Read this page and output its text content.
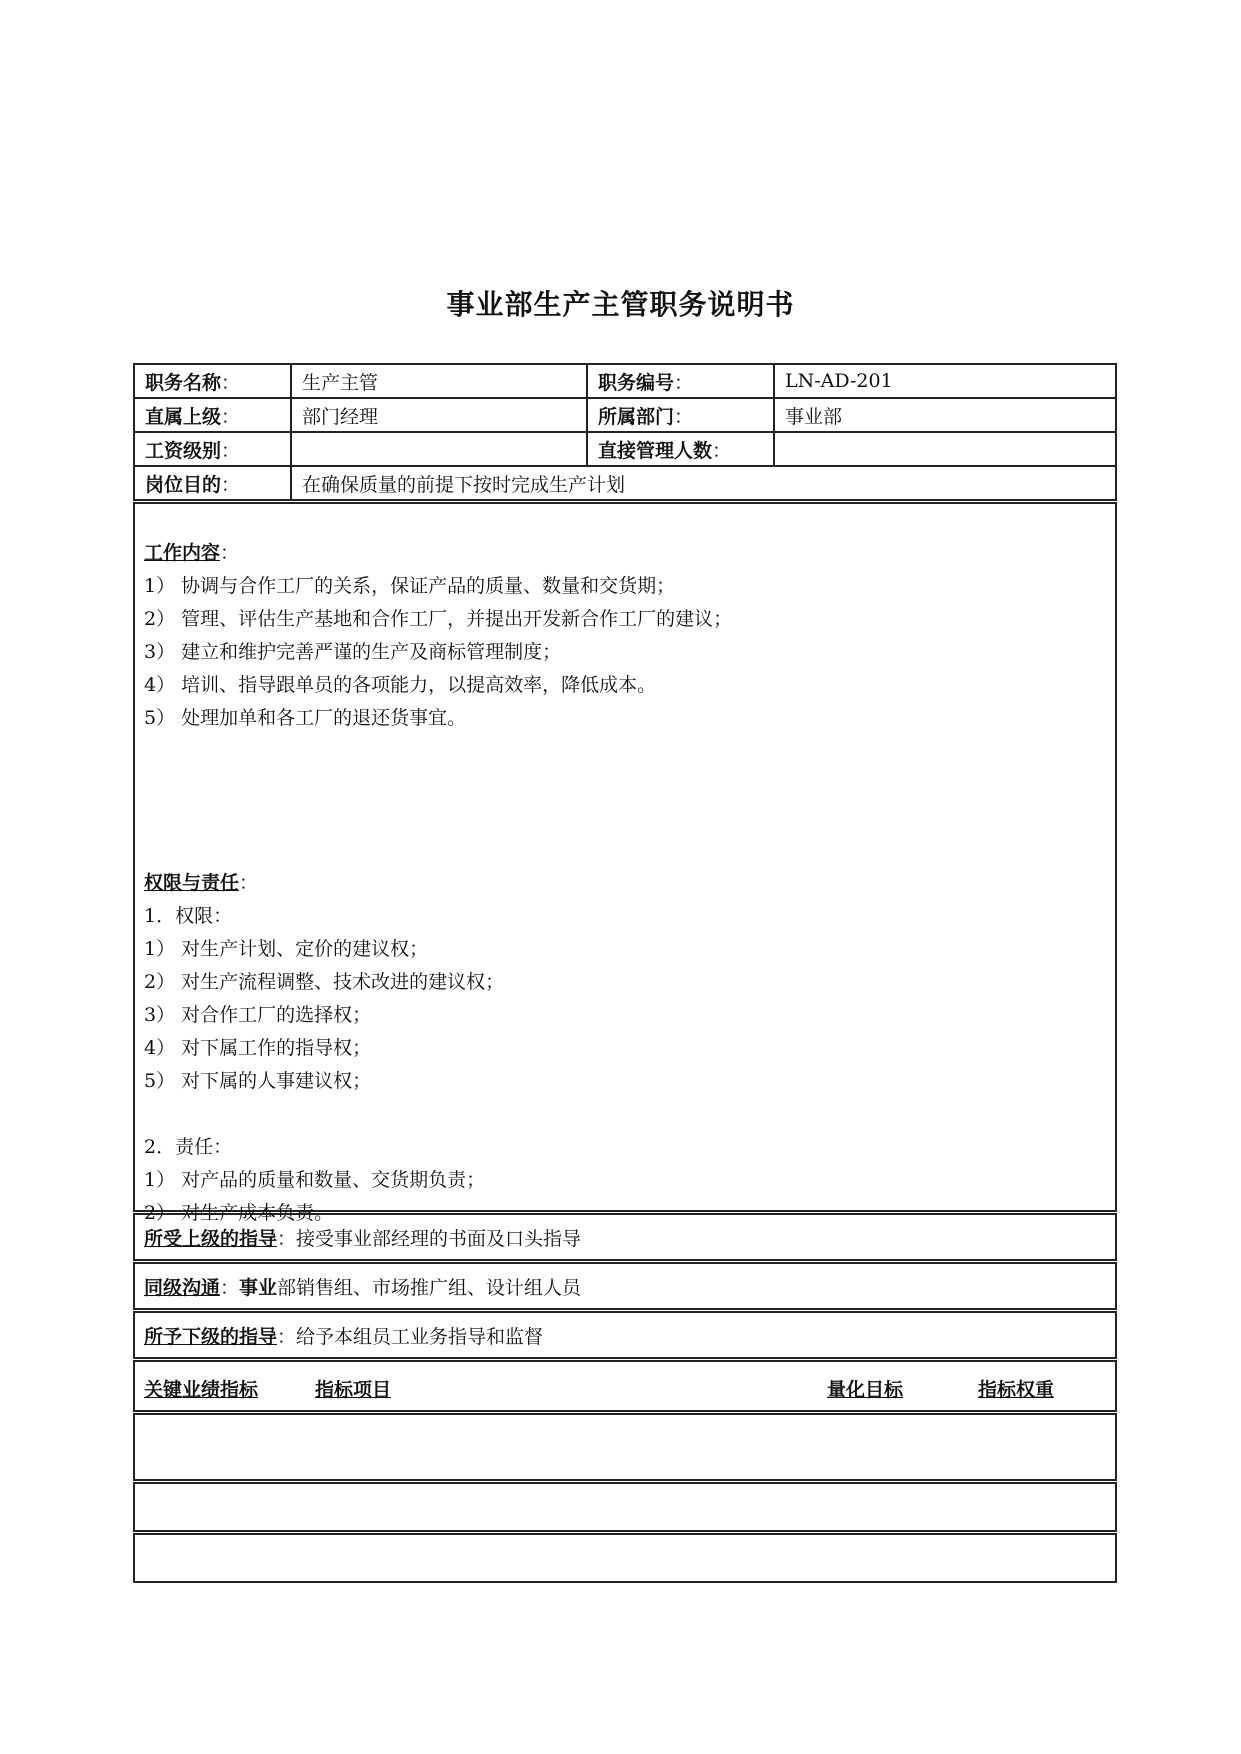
事业部生产主管职务说明书
职务名称：	生产主管	职务编号：	LN-AD-201
直属上级：	部门经理	所属部门：	事业部
工资级别：		直接管理人数：	
岗位目的：	在确保质量的前提下按时完成生产计划		
工作内容：
1） 协调与合作工厂的关系，保证产品的质量、数量和交货期；
2） 管理、评估生产基地和合作工厂，并提出开发新合作工厂的建议；
3） 建立和维护完善严谨的生产及商标管理制度；
4） 培训、指导跟单员的各项能力，以提高效率，降低成本。
5） 处理加单和各工厂的退还货事宜。
权限与责任：
1．权限：
1） 对生产计划、定价的建议权；
2） 对生产流程调整、技术改进的建议权；
3） 对合作工厂的选择权；
4） 对下属工作的指导权；
5） 对下属的人事建议权；
2．责任：
1） 对产品的质量和数量、交货期负责；
2） 对生产成本负责。
所受上级的指导 ： 接受事业部经理的书面及口头指导
同级沟通 ： 事业 部销售组、市场推广组、设计组人员
所予下级的指导 ： 给予本组员工业务指导和监督
关键业绩指标	指标项目	量化目标	指标权重
